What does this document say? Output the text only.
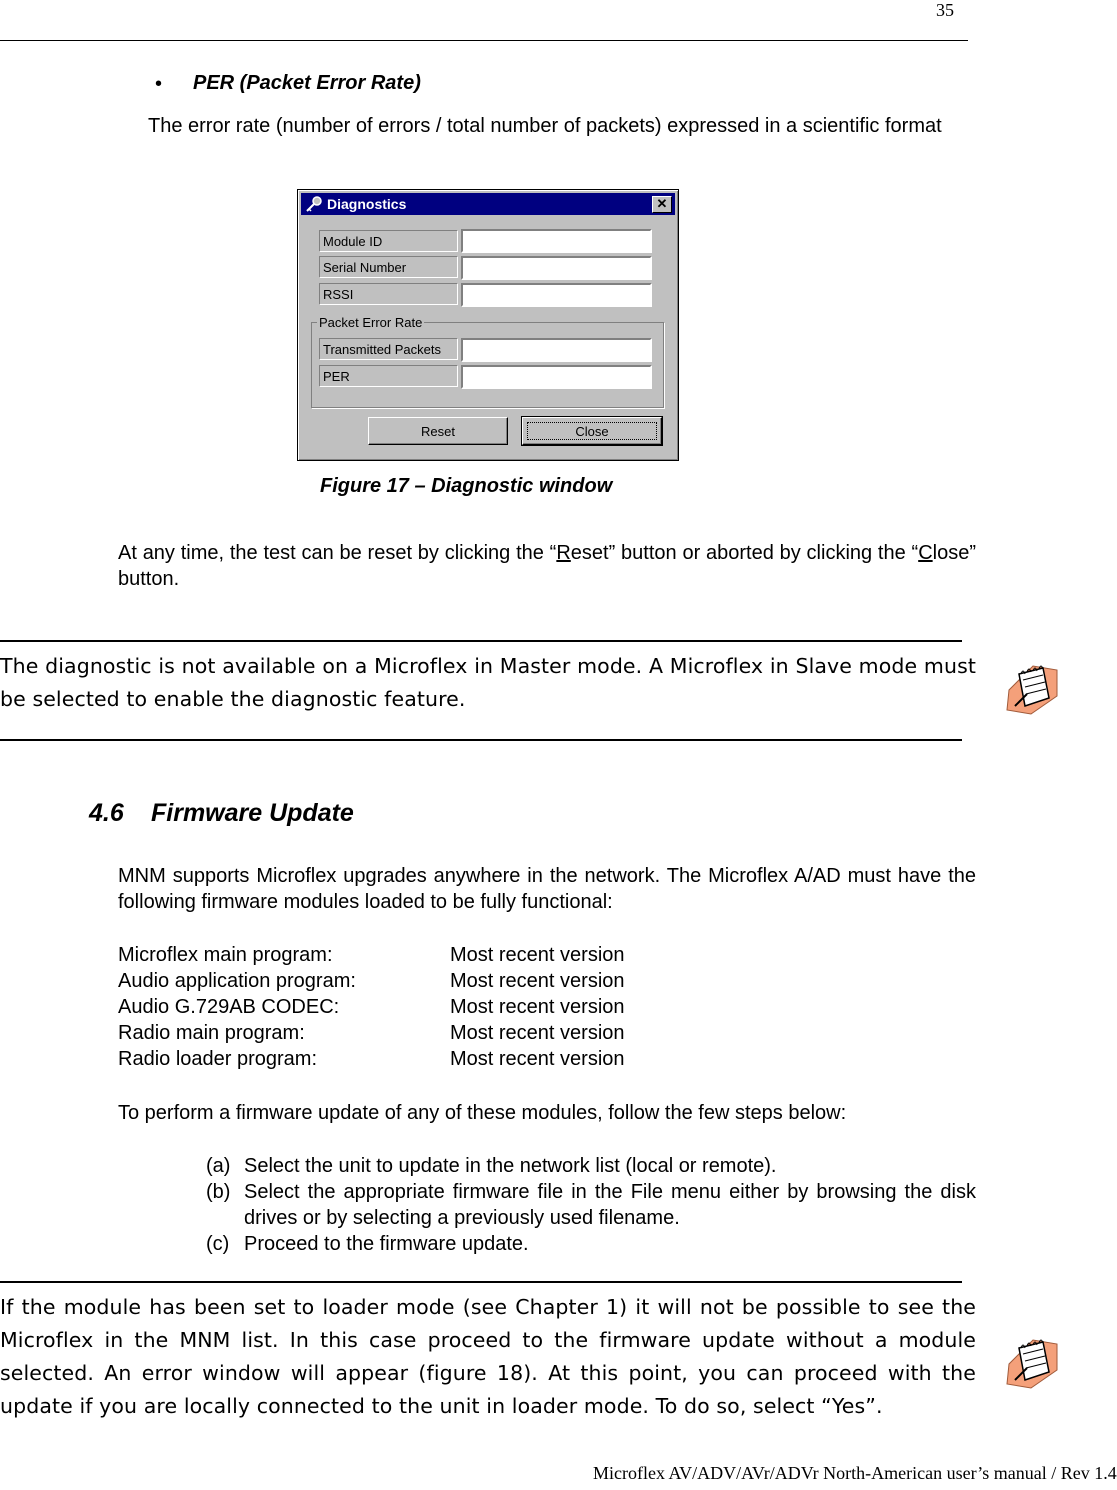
35
• PER (Packet Error Rate)
The error rate (number of errors / total number of packets) expressed in a scientific format
Diagnostics	✕
Module ID
Serial Number
RSSI
Packet Error Rate
Transmitted Packets
PER
Reset	Close
Figure 17 – Diagnostic window
At any time, the test can be reset by clicking the “Reset” button or aborted by clicking the “Close” button.
The diagnostic is not available on a Microflex in Master mode. A Microflex in Slave mode must be selected to enable the diagnostic feature.
4.6 Firmware Update
MNM supports Microflex upgrades anywhere in the network. The Microflex A/AD must have the following firmware modules loaded to be fully functional:
Microflex main program:	Most recent version
Audio application program:	Most recent version
Audio G.729AB CODEC:	Most recent version
Radio main program:	Most recent version
Radio loader program:	Most recent version
To perform a firmware update of any of these modules, follow the few steps below:
(a) Select the unit to update in the network list (local or remote).
(b) Select the appropriate firmware file in the File menu either by browsing the disk drives or by selecting a previously used filename.
(c) Proceed to the firmware update.
If the module has been set to loader mode (see Chapter 1) it will not be possible to see the Microflex in the MNM list. In this case proceed to the firmware update without a module selected. An error window will appear (figure 18). At this point, you can proceed with the update if you are locally connected to the unit in loader mode. To do so, select “Yes”.
Microflex AV/ADV/AVr/ADVr North-American user’s manual / Rev 1.4
